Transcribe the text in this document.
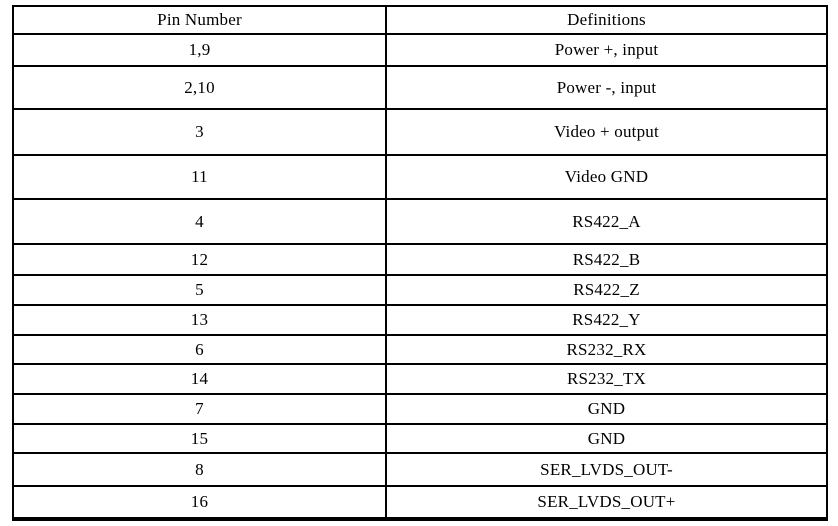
Pin Number	Definitions
1,9	Power +, input
2,10	Power -, input
3	Video + output
11	Video GND
4	RS422_A
12	RS422_B
5	RS422_Z
13	RS422_Y
6	RS232_RX
14	RS232_TX
7	GND
15	GND
8	SER_LVDS_OUT-
16	SER_LVDS_OUT+
